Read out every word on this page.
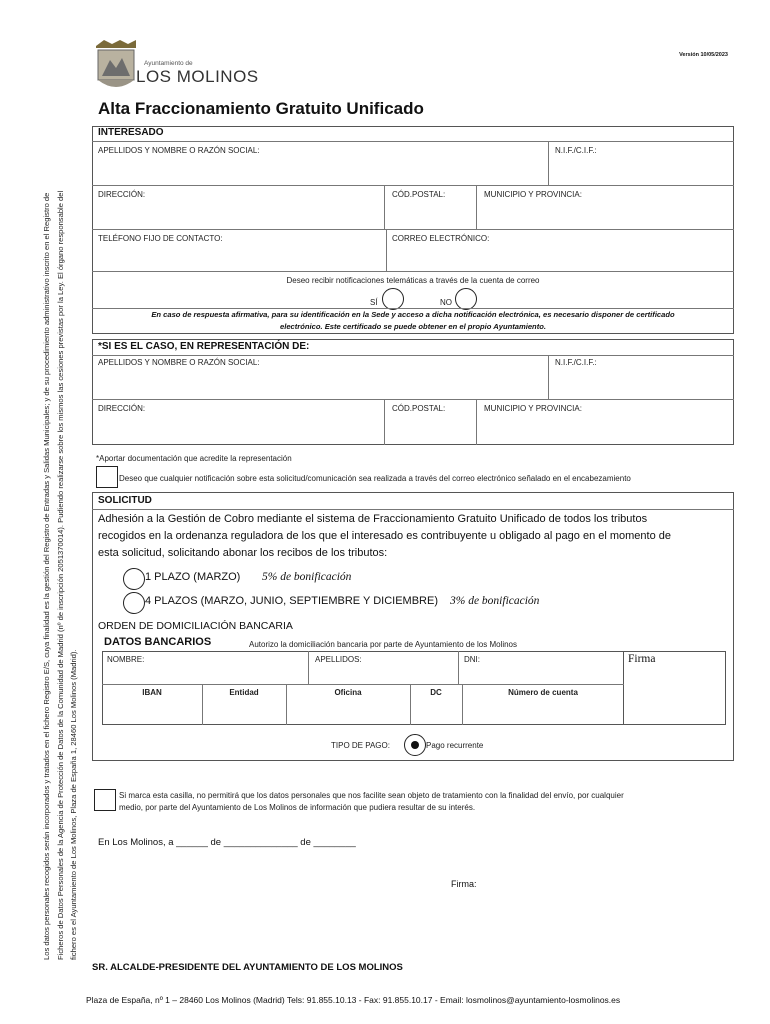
Los datos personales recogidos serán incorporados y tratados en el fichero Registro E/S, cuya finalidad es la gestión del Registro de Entradas y Salidas Municipales; y de su procedimiento administrativo inscrito en el Registro de Ficheros de Datos Personales de la Agencia de Protección de Datos de la Comunidad de Madrid (nº de inscripción 2051370014). Pudiendo realizarse sobre los mismos las cesiones previstas por la Ley. El órgano responsable del fichero es el Ayuntamiento de Los Molinos, Plaza de España 1, 28460 Los Molinos (Madrid).
Ayuntamiento de
LOS MOLINOS
Versión 10/05/2023
Alta Fraccionamiento Gratuito Unificado
INTERESADO
APELLIDOS Y NOMBRE O RAZÓN SOCIAL:	N.I.F./C.I.F.:
DIRECCIÓN:	CÓD.POSTAL:	MUNICIPIO Y PROVINCIA:
TELÉFONO FIJO DE CONTACTO:	CORREO ELECTRÓNICO:
Deseo recibir notificaciones telemáticas a través de la cuenta de correo
SÍ	NO
En caso de respuesta afirmativa, para su identificación en la Sede y acceso a dicha notificación electrónica, es necesario disponer de certificado
electrónico. Este certificado se puede obtener en el propio Ayuntamiento.
*SI ES EL CASO, EN REPRESENTACIÓN DE:
APELLIDOS Y NOMBRE O RAZÓN SOCIAL:	N.I.F./C.I.F.:
DIRECCIÓN:	CÓD.POSTAL:	MUNICIPIO Y PROVINCIA:
*Aportar documentación que acredite la representación
Deseo que cualquier notificación sobre esta solicitud/comunicación sea realizada a través del correo electrónico señalado en el encabezamiento
SOLICITUD
Adhesión a la Gestión de Cobro mediante el sistema de Fraccionamiento Gratuito Unificado de todos los tributos
recogidos en la ordenanza reguladora de los que el interesado es contribuyente u obligado al pago en el momento de
esta solicitud, solicitando abonar los recibos de los tributos:
1 PLAZO (MARZO) 5% de bonificación
4 PLAZOS (MARZO, JUNIO, SEPTIEMBRE Y DICIEMBRE) 3% de bonificación
ORDEN DE DOMICILIACIÓN BANCARIA
DATOS BANCARIOS	Autorizo la domiciliación bancaria por parte de Ayuntamiento de los Molinos
Firma
NOMBRE:	APELLIDOS:	DNI:
IBAN	Entidad	Oficina	DC	Número de cuenta
TIPO DE PAGO:	Pago recurrente
Si marca esta casilla, no permitirá que los datos personales que nos facilite sean objeto de tratamiento con la finalidad del envío, por cualquier
medio, por parte del Ayuntamiento de Los Molinos de información que pudiera resultar de su interés.
En Los Molinos, a ______ de ______________ de ________
Firma:
SR. ALCALDE-PRESIDENTE DEL AYUNTAMIENTO DE LOS MOLINOS
Plaza de España, nº 1 – 28460 Los Molinos (Madrid) Tels: 91.855.10.13 - Fax: 91.855.10.17 - Email: losmolinos@ayuntamiento-losmolinos.es
